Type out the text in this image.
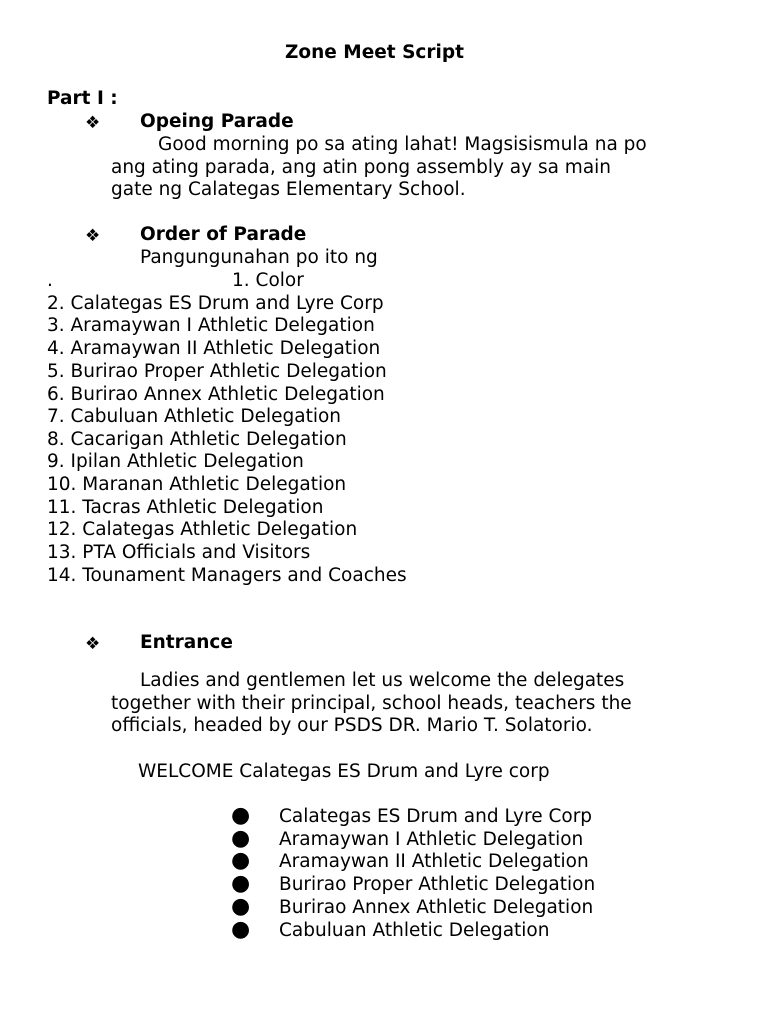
Zone Meet Script
Part I :
❖ Opeing Parade
Good morning po sa ating lahat! Magsisismula na po
ang ating parada, ang atin pong assembly ay sa main
gate ng Calategas Elementary School.
❖ Order of Parade
Pangungunahan po ito ng
.	1. Color
2. Calategas ES Drum and Lyre Corp
3. Aramaywan I Athletic Delegation
4. Aramaywan II Athletic Delegation
5. Burirao Proper Athletic Delegation
6. Burirao Annex Athletic Delegation
7. Cabuluan Athletic Delegation
8. Cacarigan Athletic Delegation
9. Ipilan Athletic Delegation
10. Maranan Athletic Delegation
11. Tacras Athletic Delegation
12. Calategas Athletic Delegation
13. PTA Officials and Visitors
14. Tounament Managers and Coaches
❖ Entrance
Ladies and gentlemen let us welcome the delegates
together with their principal, school heads, teachers the
officials, headed by our PSDS DR. Mario T. Solatorio.
WELCOME Calategas ES Drum and Lyre corp
● Calategas ES Drum and Lyre Corp
● Aramaywan I Athletic Delegation
● Aramaywan II Athletic Delegation
● Burirao Proper Athletic Delegation
● Burirao Annex Athletic Delegation
● Cabuluan Athletic Delegation
